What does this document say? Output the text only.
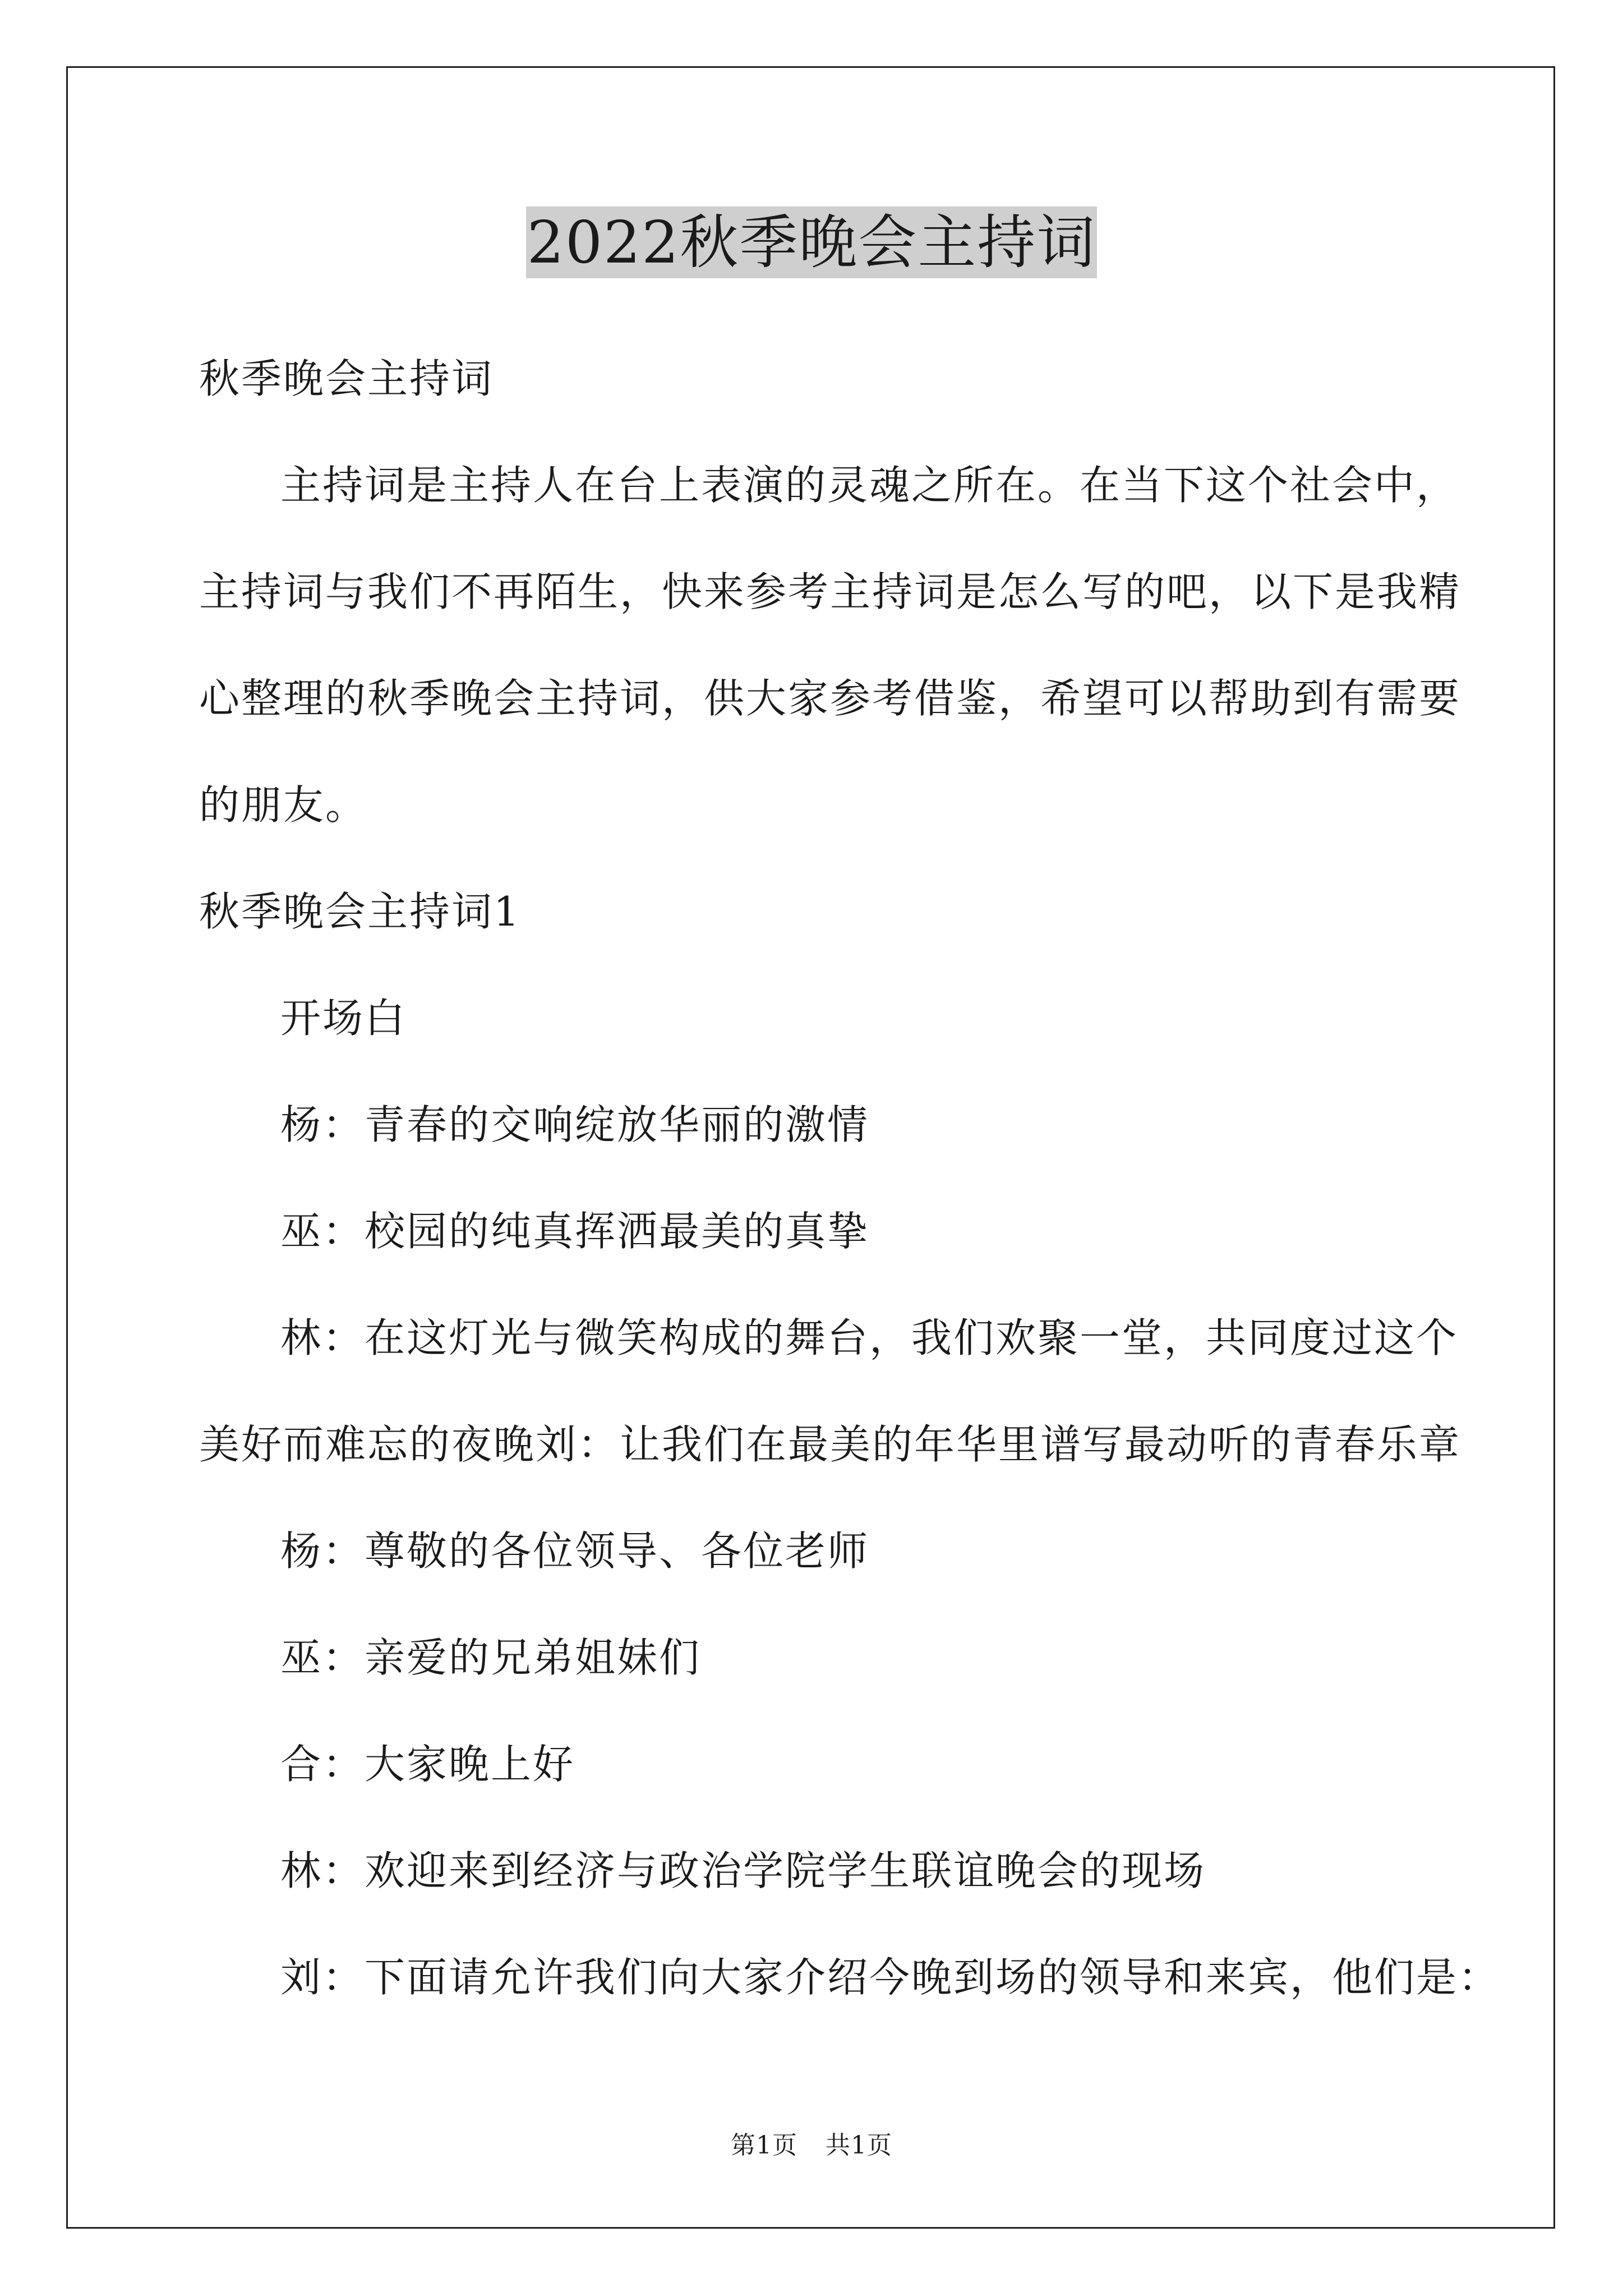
2022秋季晚会主持词
秋季晚会主持词
主持词是主持人在台上表演的灵魂之所在。在当下这个社会中，
主持词与我们不再陌生，快来参考主持词是怎么写的吧，以下是我精
心整理的秋季晚会主持词，供大家参考借鉴，希望可以帮助到有需要
的朋友。
秋季晚会主持词1
开场白
杨：青春的交响绽放华丽的激情
巫：校园的纯真挥洒最美的真挚
林：在这灯光与微笑构成的舞台，我们欢聚一堂，共同度过这个
美好而难忘的夜晚刘：让我们在最美的年华里谱写最动听的青春乐章
杨：尊敬的各位领导、各位老师
巫：亲爱的兄弟姐妹们
合：大家晚上好
林：欢迎来到经济与政治学院学生联谊晚会的现场
刘：下面请允许我们向大家介绍今晚到场的领导和来宾，他们是：
第1页 共1页
